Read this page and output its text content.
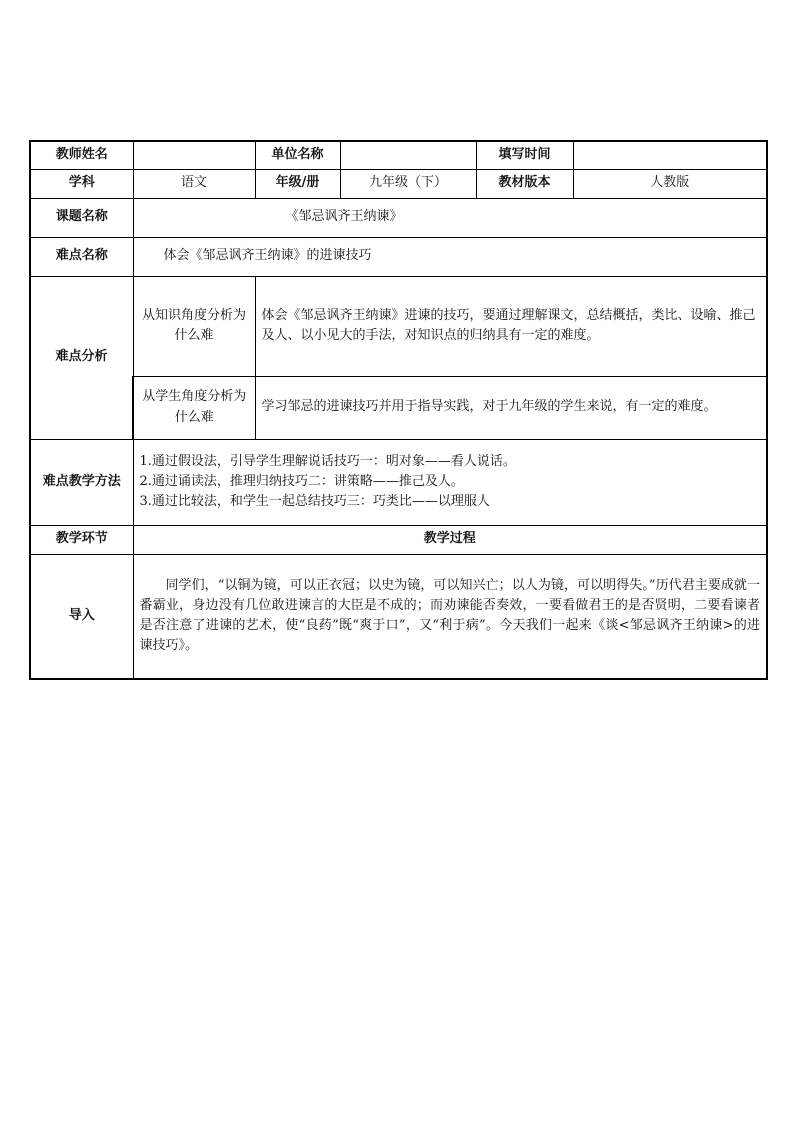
教师姓名		单位名称		填写时间	
学科	语文	年级/册	九年级（下）	教材版本	人教版
课题名称	《邹忌讽齐王纳谏》				
难点名称	体会《邹忌讽齐王纳谏》的进谏技巧				
难点分析	从知识角度分析为什么难	体会《邹忌讽齐王纳谏》进谏的技巧，要通过理解课文，总结概括，类比、设喻、推己及人、以小见大的手法，对知识点的归纳具有一定的难度。			
	从学生角度分析为什么难	学习邹忌的进谏技巧并用于指导实践，对于九年级的学生来说，有一定的难度。			
难点教学方法	1.通过假设法，引导学生理解说话技巧一：明对象——看人说话。
2.通过诵读法，推理归纳技巧二：讲策略——推己及人。
3.通过比较法，和学生一起总结技巧三：巧类比——以理服人				

教学环节	教学过程				
导入	同学们，“以铜为镜，可以正衣冠；以史为镜，可以知兴亡；以人为镜，可以明得失。”历代君主要成就一番霸业，身边没有几位敢进谏言的大臣是不成的；而劝谏能否奏效，一要看做君王的是否贤明，二要看谏者是否注意了进谏的艺术，使“良药”既“爽于口”，又“利于病”。今天我们一起来《谈<邹忌讽齐王纳谏>的进谏技巧》。				
